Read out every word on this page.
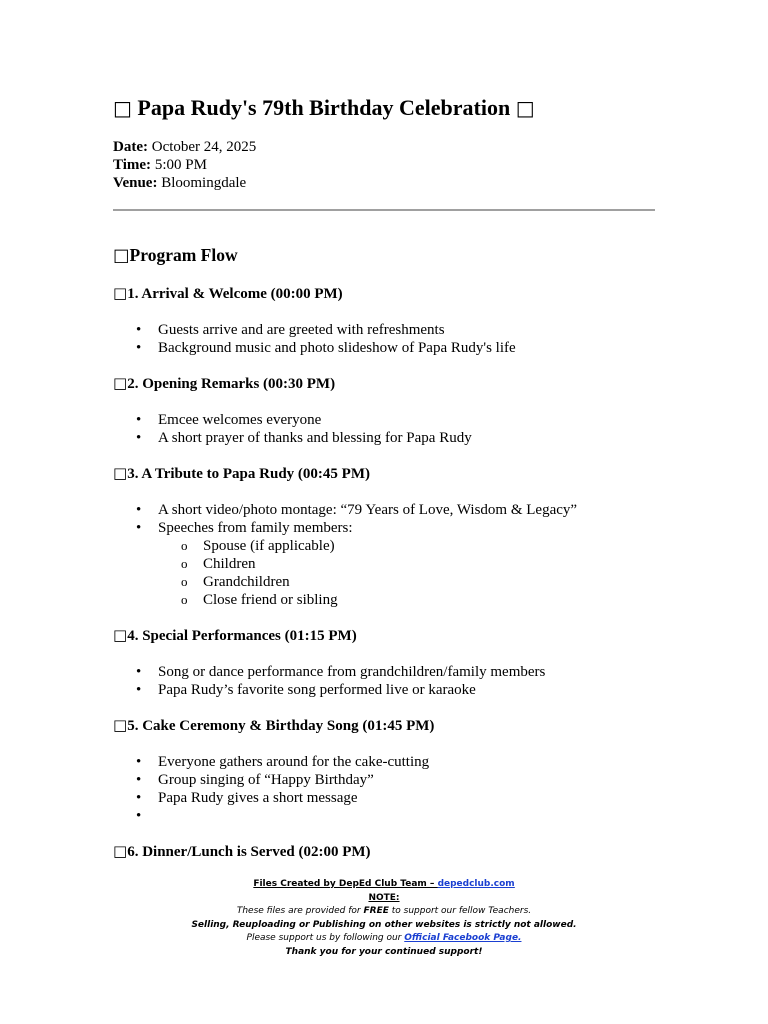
□ Papa Rudy's 79th Birthday Celebration □
Date: October 24, 2025
Time: 5:00 PM
Venue: Bloomingdale
□Program Flow
□1. Arrival & Welcome (00:00 PM)
• Guests arrive and are greeted with refreshments
• Background music and photo slideshow of Papa Rudy's life
□2. Opening Remarks (00:30 PM)
• Emcee welcomes everyone
• A short prayer of thanks and blessing for Papa Rudy
□3. A Tribute to Papa Rudy (00:45 PM)
• A short video/photo montage: “79 Years of Love, Wisdom & Legacy”
• Speeches from family members:
o Spouse (if applicable)
o Children
o Grandchildren
o Close friend or sibling
□4. Special Performances (01:15 PM)
• Song or dance performance from grandchildren/family members
• Papa Rudy’s favorite song performed live or karaoke
□5. Cake Ceremony & Birthday Song (01:45 PM)
• Everyone gathers around for the cake-cutting
• Group singing of “Happy Birthday”
• Papa Rudy gives a short message
•
□6. Dinner/Lunch is Served (02:00 PM)
Files Created by DepEd Club Team – depedclub.com
NOTE:
These files are provided for FREE to support our fellow Teachers.
Selling, Reuploading or Publishing on other websites is strictly not allowed.
Please support us by following our Official Facebook Page.
Thank you for your continued support!
